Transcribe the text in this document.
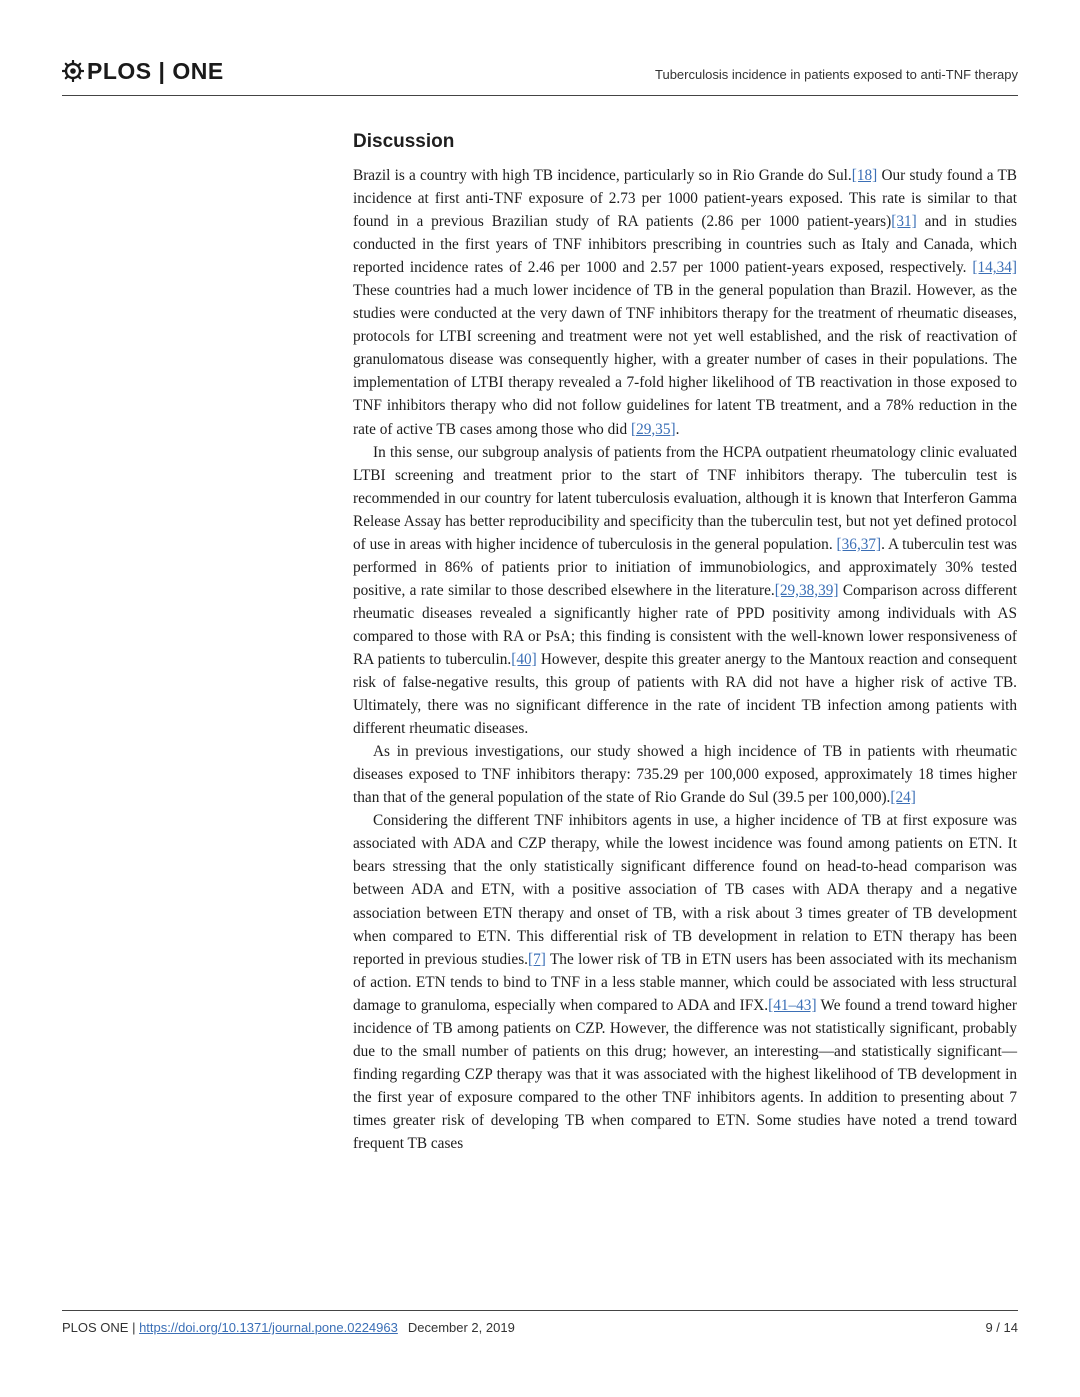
PLOS | ONE	Tuberculosis incidence in patients exposed to anti-TNF therapy
Discussion

Brazil is a country with high TB incidence, particularly so in Rio Grande do Sul.[18] Our study found a TB incidence at first anti-TNF exposure of 2.73 per 1000 patient-years exposed. This rate is similar to that found in a previous Brazilian study of RA patients (2.86 per 1000 patient-years)[31] and in studies conducted in the first years of TNF inhibitors prescribing in countries such as Italy and Canada, which reported incidence rates of 2.46 per 1000 and 2.57 per 1000 patient-years exposed, respectively. [14,34] These countries had a much lower incidence of TB in the general population than Brazil. However, as the studies were conducted at the very dawn of TNF inhibitors therapy for the treatment of rheumatic diseases, protocols for LTBI screening and treatment were not yet well established, and the risk of reactivation of granulomatous disease was consequently higher, with a greater number of cases in their populations. The implementation of LTBI therapy revealed a 7-fold higher likelihood of TB reactivation in those exposed to TNF inhibitors therapy who did not follow guidelines for latent TB treatment, and a 78% reduction in the rate of active TB cases among those who did [29,35].

In this sense, our subgroup analysis of patients from the HCPA outpatient rheumatology clinic evaluated LTBI screening and treatment prior to the start of TNF inhibitors therapy. The tuberculin test is recommended in our country for latent tuberculosis evaluation, although it is known that Interferon Gamma Release Assay has better reproducibility and specificity than the tuberculin test, but not yet defined protocol of use in areas with higher incidence of tuberculosis in the general population. [36,37]. A tuberculin test was performed in 86% of patients prior to initiation of immunobiologics, and approximately 30% tested positive, a rate similar to those described elsewhere in the literature.[29,38,39] Comparison across different rheumatic diseases revealed a significantly higher rate of PPD positivity among individuals with AS compared to those with RA or PsA; this finding is consistent with the well-known lower responsiveness of RA patients to tuberculin.[40] However, despite this greater anergy to the Mantoux reaction and consequent risk of false-negative results, this group of patients with RA did not have a higher risk of active TB. Ultimately, there was no significant difference in the rate of incident TB infection among patients with different rheumatic diseases.

As in previous investigations, our study showed a high incidence of TB in patients with rheumatic diseases exposed to TNF inhibitors therapy: 735.29 per 100,000 exposed, approximately 18 times higher than that of the general population of the state of Rio Grande do Sul (39.5 per 100,000).[24]

Considering the different TNF inhibitors agents in use, a higher incidence of TB at first exposure was associated with ADA and CZP therapy, while the lowest incidence was found among patients on ETN. It bears stressing that the only statistically significant difference found on head-to-head comparison was between ADA and ETN, with a positive association of TB cases with ADA therapy and a negative association between ETN therapy and onset of TB, with a risk about 3 times greater of TB development when compared to ETN. This differential risk of TB development in relation to ETN therapy has been reported in previous studies.[7] The lower risk of TB in ETN users has been associated with its mechanism of action. ETN tends to bind to TNF in a less stable manner, which could be associated with less structural damage to granuloma, especially when compared to ADA and IFX.[41–43] We found a trend toward higher incidence of TB among patients on CZP. However, the difference was not statistically significant, probably due to the small number of patients on this drug; however, an interesting—and statistically significant—finding regarding CZP therapy was that it was associated with the highest likelihood of TB development in the first year of exposure compared to the other TNF inhibitors agents. In addition to presenting about 7 times greater risk of developing TB when compared to ETN. Some studies have noted a trend toward frequent TB cases

PLOS ONE | https://doi.org/10.1371/journal.pone.0224963 December 2, 2019	9 / 14
